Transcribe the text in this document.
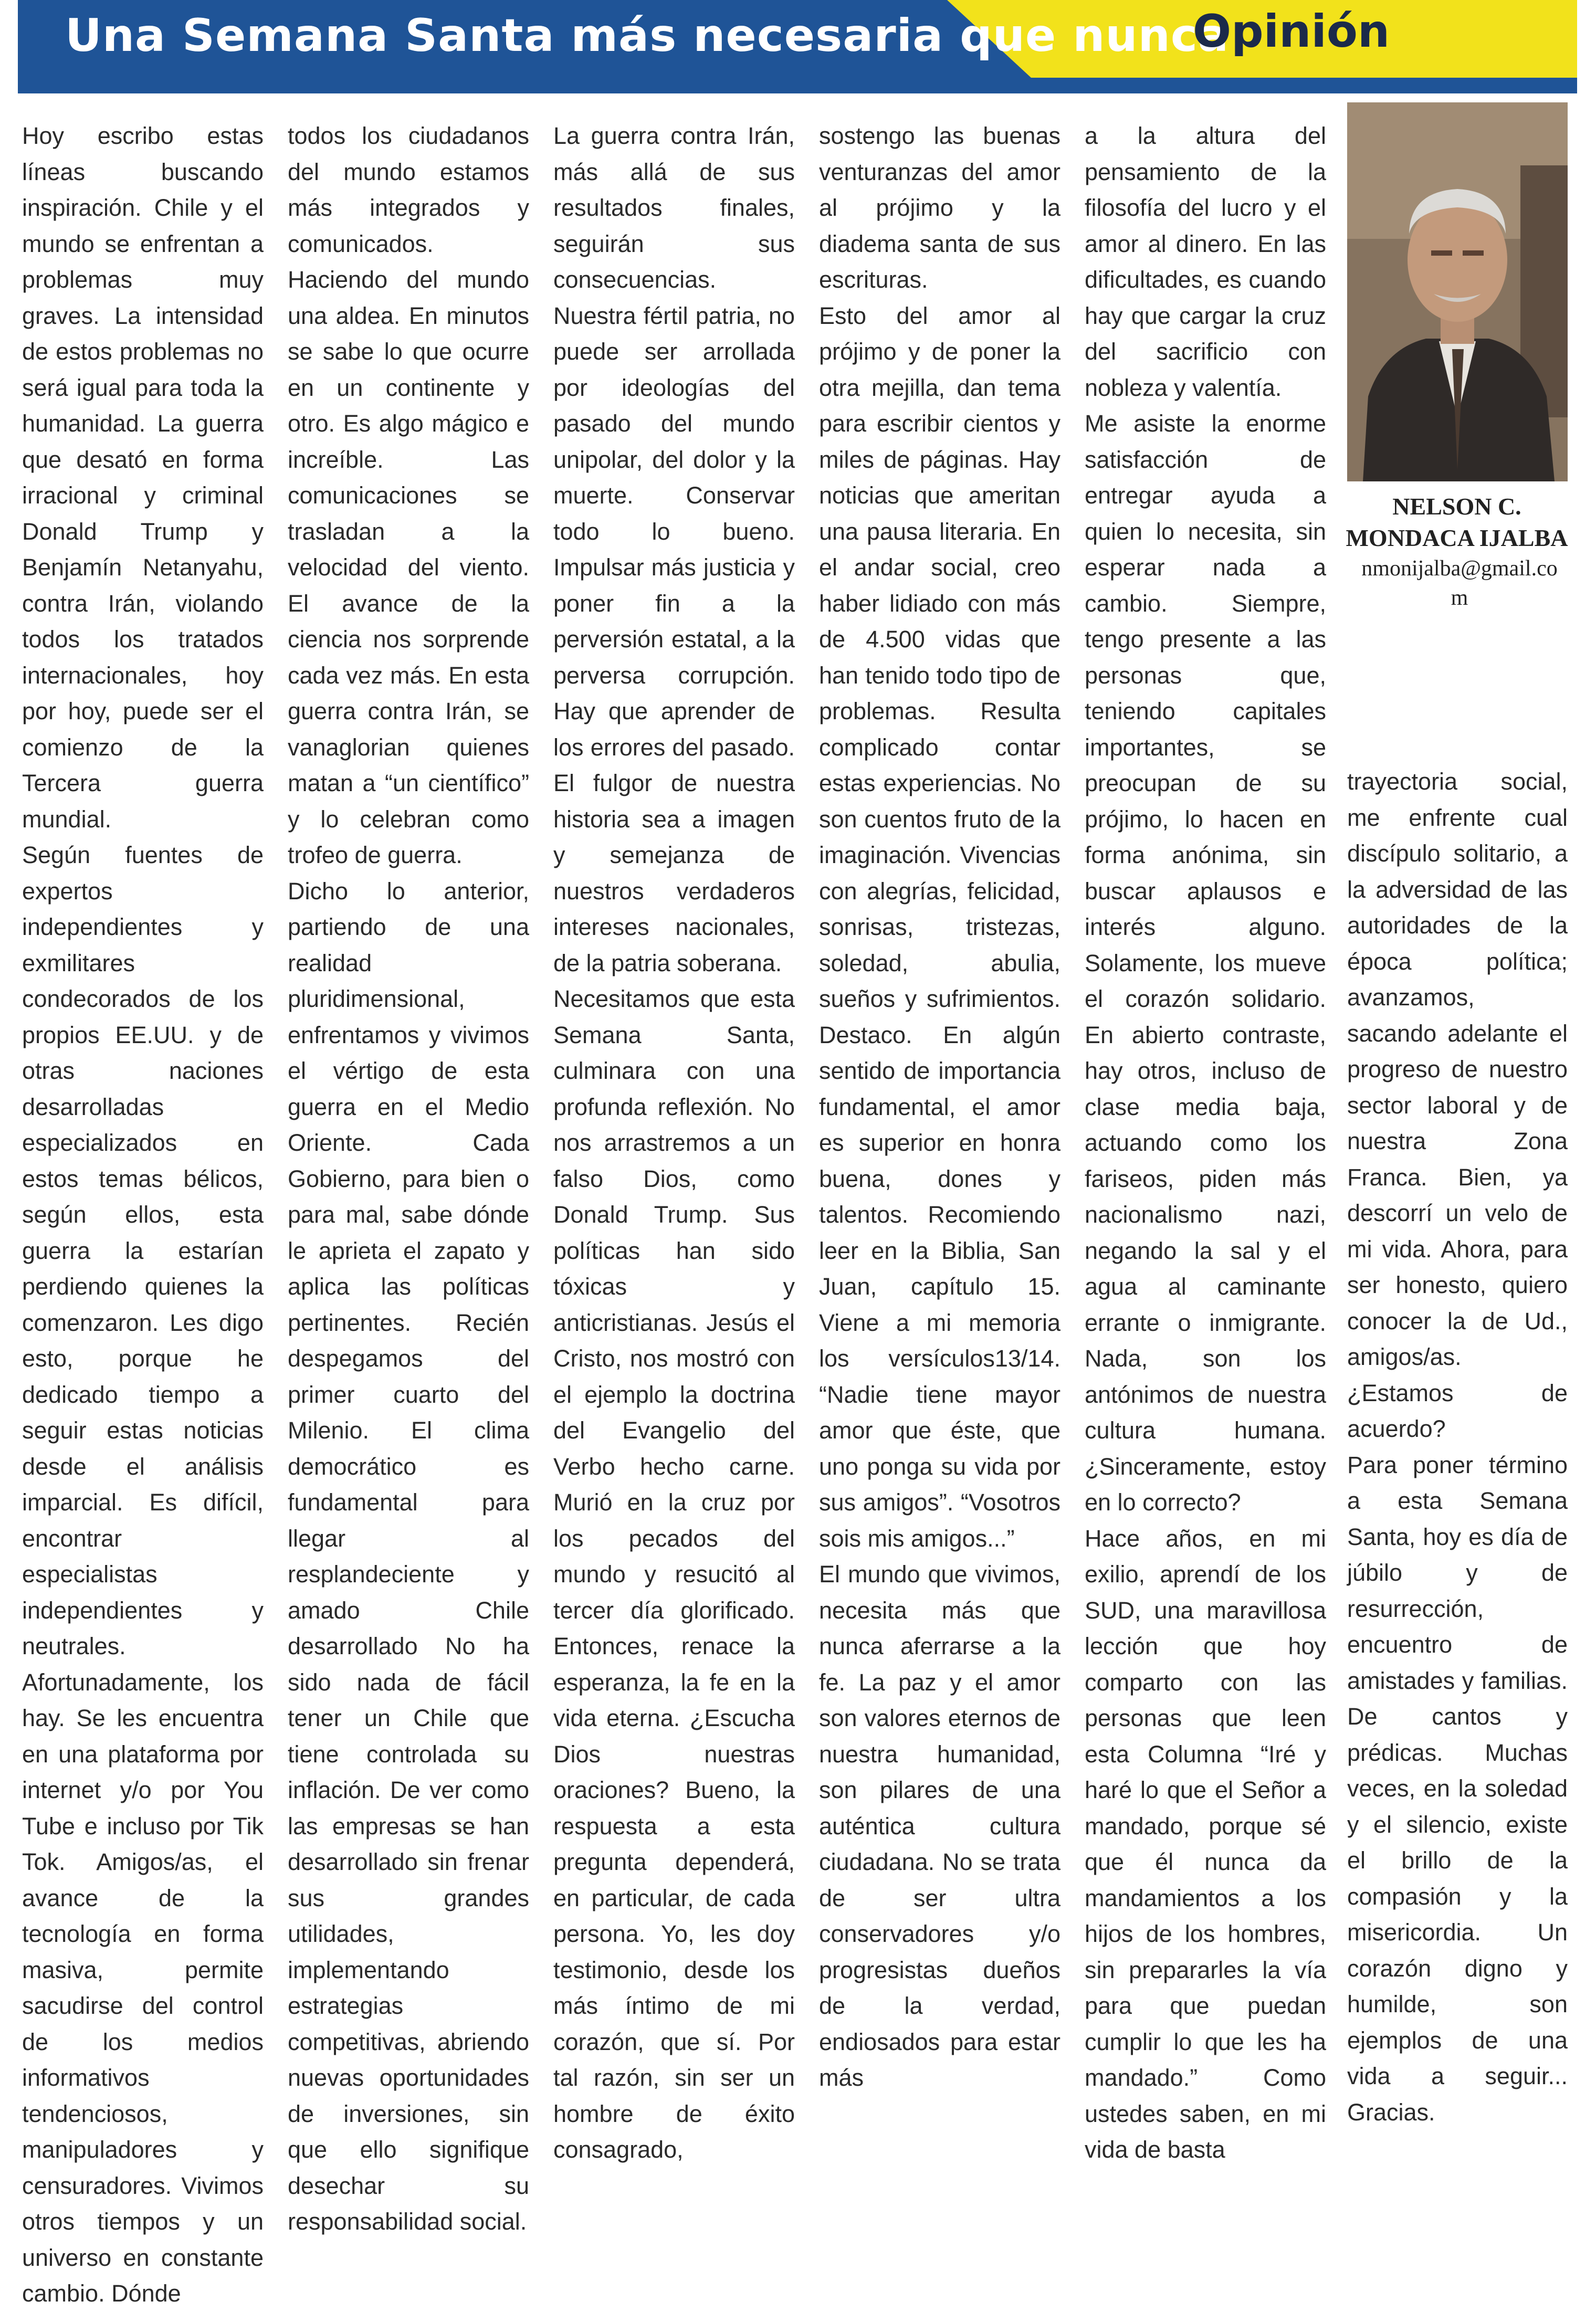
Una Semana Santa más necesaria que nunca
Opinión

Hoy escribo estas líneas buscando inspiración. Chile y el mundo se enfrentan a problemas muy graves. La intensidad de estos problemas no será igual para toda la humanidad. La guerra que desató en forma irracional y criminal Donald Trump y Benjamín Netanyahu, contra Irán, violando todos los tratados internacionales, hoy por hoy, puede ser el comienzo de la Tercera guerra mundial.

Según fuentes de expertos independientes y exmilitares condecorados de los propios EE.UU. y de otras naciones desarrolladas especializados en estos temas bélicos, según ellos, esta guerra la estarían perdiendo quienes la comenzaron. Les digo esto, porque he dedicado tiempo a seguir estas noticias desde el análisis imparcial. Es difícil, encontrar especialistas independientes y neutrales. Afortunadamente, los hay. Se les encuentra en una plataforma por internet y/o por You Tube e incluso por Tik Tok. Amigos/as, el avance de la tecnología en forma masiva, permite sacudirse del control de los medios informativos tendenciosos, manipuladores y censuradores. Vivimos otros tiempos y un universo en constante cambio. Dónde

todos los ciudadanos del mundo estamos más integrados y comunicados. Haciendo del mundo una aldea. En minutos se sabe lo que ocurre en un continente y otro. Es algo mágico e increíble. Las comunicaciones se trasladan a la velocidad del viento. El avance de la ciencia nos sorprende cada vez más. En esta guerra contra Irán, se vanaglorian quienes matan a “un científico” y lo celebran como trofeo de guerra.

Dicho lo anterior, partiendo de una realidad pluridimensional, enfrentamos y vivimos el vértigo de esta guerra en el Medio Oriente. Cada Gobierno, para bien o para mal, sabe dónde le aprieta el zapato y aplica las políticas pertinentes. Recién despegamos del primer cuarto del Milenio. El clima democrático es fundamental para llegar al resplandeciente y amado Chile desarrollado No ha sido nada de fácil tener un Chile que tiene controlada su inflación. De ver como las empresas se han desarrollado sin frenar sus grandes utilidades, implementando estrategias competitivas, abriendo nuevas oportunidades de inversiones, sin que ello signifique desechar su responsabilidad social.

La guerra contra Irán, más allá de sus resultados finales, seguirán sus consecuencias. Nuestra fértil patria, no puede ser arrollada por ideologías del pasado del mundo unipolar, del dolor y la muerte. Conservar todo lo bueno. Impulsar más justicia y poner fin a la perversión estatal, a la perversa corrupción. Hay que aprender de los errores del pasado. El fulgor de nuestra historia sea a imagen y semejanza de nuestros verdaderos intereses nacionales, de la patria soberana.

Necesitamos que esta Semana Santa, culminara con una profunda reflexión. No nos arrastremos a un falso Dios, como Donald Trump. Sus políticas han sido tóxicas y anticristianas. Jesús el Cristo, nos mostró con el ejemplo la doctrina del Evangelio del Verbo hecho carne. Murió en la cruz por los pecados del mundo y resucitó al tercer día glorificado. Entonces, renace la esperanza, la fe en la vida eterna. ¿Escucha Dios nuestras oraciones? Bueno, la respuesta a esta pregunta dependerá, en particular, de cada persona. Yo, les doy testimonio, desde los más íntimo de mi corazón, que sí. Por tal razón, sin ser un hombre de éxito consagrado,

sostengo las buenas venturanzas del amor al prójimo y la diadema santa de sus escrituras.

Esto del amor al prójimo y de poner la otra mejilla, dan tema para escribir cientos y miles de páginas. Hay noticias que ameritan una pausa literaria. En el andar social, creo haber lidiado con más de 4.500 vidas que han tenido todo tipo de problemas. Resulta complicado contar estas experiencias. No son cuentos fruto de la imaginación. Vivencias con alegrías, felicidad, sonrisas, tristezas, soledad, abulia, sueños y sufrimientos. Destaco. En algún sentido de importancia fundamental, el amor es superior en honra buena, dones y talentos. Recomiendo leer en la Biblia, San Juan, capítulo 15. Viene a mi memoria los versículos13/14. “Nadie tiene mayor amor que éste, que uno ponga su vida por sus amigos”. “Vosotros sois mis amigos...”

El mundo que vivimos, necesita más que nunca aferrarse a la fe. La paz y el amor son valores eternos de nuestra humanidad, son pilares de una auténtica cultura ciudadana. No se trata de ser ultra conservadores y/o progresistas dueños de la verdad, endiosados para estar más

a la altura del pensamiento de la filosofía del lucro y el amor al dinero. En las dificultades, es cuando hay que cargar la cruz del sacrificio con nobleza y valentía.

Me asiste la enorme satisfacción de entregar ayuda a quien lo necesita, sin esperar nada a cambio. Siempre, tengo presente a las personas que, teniendo capitales importantes, se preocupan de su prójimo, lo hacen en forma anónima, sin buscar aplausos e interés alguno. Solamente, los mueve el corazón solidario. En abierto contraste, hay otros, incluso de clase media baja, actuando como los fariseos, piden más nacionalismo nazi, negando la sal y el agua al caminante errante o inmigrante. Nada, son los antónimos de nuestra cultura humana. ¿Sinceramente, estoy en lo correcto?

Hace años, en mi exilio, aprendí de los SUD, una maravillosa lección que hoy comparto con las personas que leen esta Columna “Iré y haré lo que el Señor a mandado, porque sé que él nunca da mandamientos a los hijos de los hombres, sin prepararles la vía para que puedan cumplir lo que les ha mandado.” Como ustedes saben, en mi vida de basta

NELSON C.
MONDACA IJALBA
nmonijalba@gmail.com

trayectoria social, me enfrente cual discípulo solitario, a la adversidad de las autoridades de la época política; avanzamos, sacando adelante el progreso de nuestro sector laboral y de nuestra Zona Franca. Bien, ya descorrí un velo de mi vida. Ahora, para ser honesto, quiero conocer la de Ud., amigos/as. ¿Estamos de acuerdo?

Para poner término a esta Semana Santa, hoy es día de júbilo y de resurrección, encuentro de amistades y familias. De cantos y prédicas. Muchas veces, en la soledad y el silencio, existe el brillo de la compasión y la misericordia. Un corazón digno y humilde, son ejemplos de una vida a seguir... Gracias.
